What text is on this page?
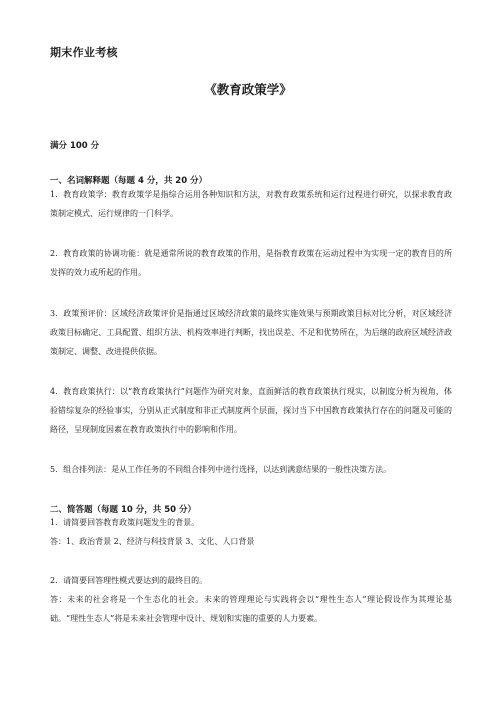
期末作业考核
《教育政策学》
满分 100 分
一、名词解释题（每题 4 分，共 20 分）
1．教育政策学：教育政策学是指综合运用各种知识和方法，对教育政策系统和运行过程进行研究，以探求教育政策制定模式、运行规律的一门科学。
2．教育政策的协调功能：就是通常所说的教育政策的作用，是指教育政策在运动过程中为实现一定的教育目的所发挥的效力或所起的作用。
3．政策预评价：区域经济政策评价是指通过区域经济政策的最终实施效果与预期政策目标对比分析，对区域经济政策目标确定、工具配置、组织方法、机构效率进行判断，找出误差、不足和优势所在，为后继的政府区域经济政策制定、调整、改进提供依据。
4．教育政策执行：以“教育政策执行”问题作为研究对象，直面鲜活的教育政策执行现实，以制度分析为视角，体验错综复杂的经验事实，分别从正式制度和非正式制度两个层面，探讨当下中国教育政策执行存在的问题及可能的路径，呈现制度因素在教育政策执行中的影响和作用。
5．组合排列法：是从工作任务的不同组合排列中进行选择，以达到满意结果的一般性决策方法。
二、简答题（每题 10 分，共 50 分）
1．请简要回答教育政策问题发生的背景。
答：1、政治背景 2、经济与科技背景 3、文化、人口背景
2．请简要回答理性模式要达到的最终目的。
答：未来的社会将是一个生态化的社会。未来的管理理论与实践将会以“理性生态人”理论假设作为其理论基础。“理性生态人”将是未来社会管理中设计、规划和实施的重要的人力要素。
